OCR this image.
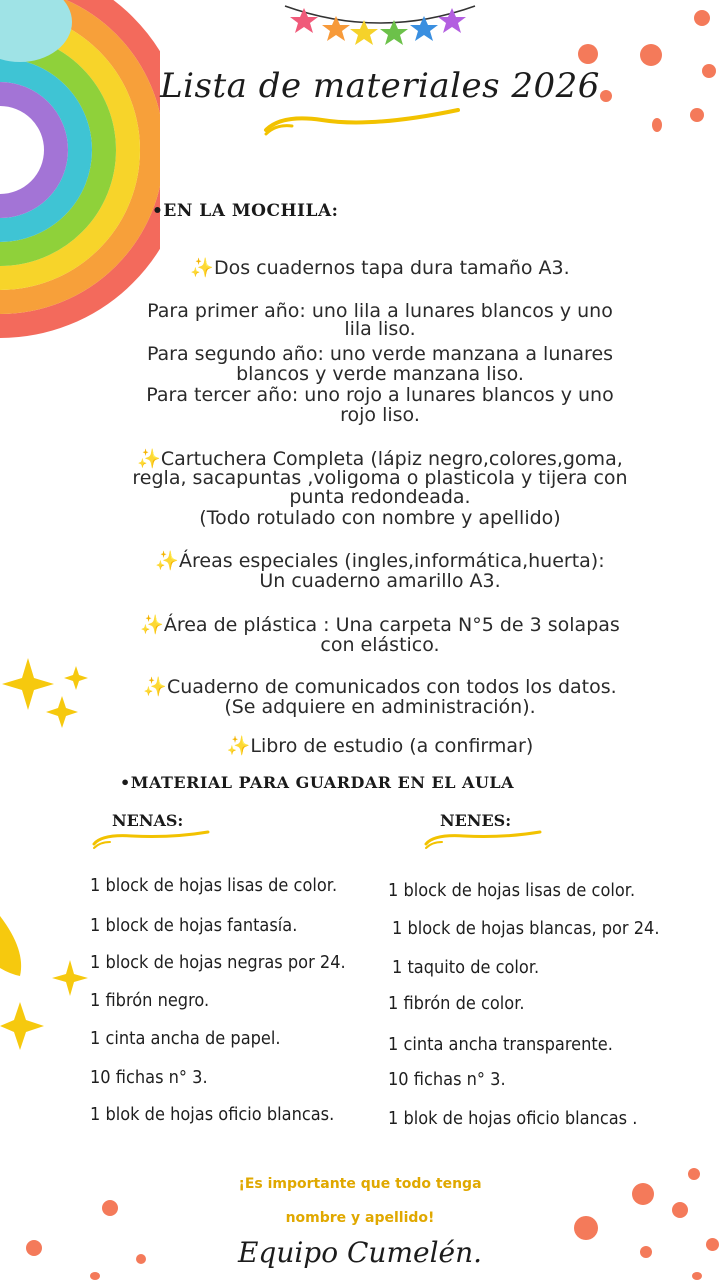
Lista de materiales 2026
•EN LA MOCHILA:
✨Dos cuadernos tapa dura tamaño A3.
Para primer año: uno lila a lunares blancos y uno
lila liso.
Para segundo año: uno verde manzana a lunares
blancos y verde manzana liso.
Para tercer año: uno rojo a lunares blancos y uno
rojo liso.
✨Cartuchera Completa (lápiz negro,colores,goma,
regla, sacapuntas ,voligoma o plasticola y tijera con
punta redondeada.
(Todo rotulado con nombre y apellido)
✨Áreas especiales (ingles,informática,huerta):
Un cuaderno amarillo A3.
✨Área de plástica : Una carpeta N°5 de 3 solapas
con elástico.
✨Cuaderno de comunicados con todos los datos.
(Se adquiere en administración).
✨Libro de estudio (a confirmar)
•MATERIAL PARA GUARDAR EN EL AULA
NENAS:
1 block de hojas lisas de color.
1 block de hojas fantasía.
1 block de hojas negras por 24.
1 fibrón negro.
1 cinta ancha de papel.
10 fichas n° 3.
1 blok de hojas oficio blancas.
NENES:
1 block de hojas lisas de color.
1 block de hojas blancas, por 24.
1 taquito de color.
1 fibrón de color.
1 cinta ancha transparente.
10 fichas n° 3.
1 blok de hojas oficio blancas .
¡Es importante que todo tenga
nombre y apellido!
Equipo Cumelén.
